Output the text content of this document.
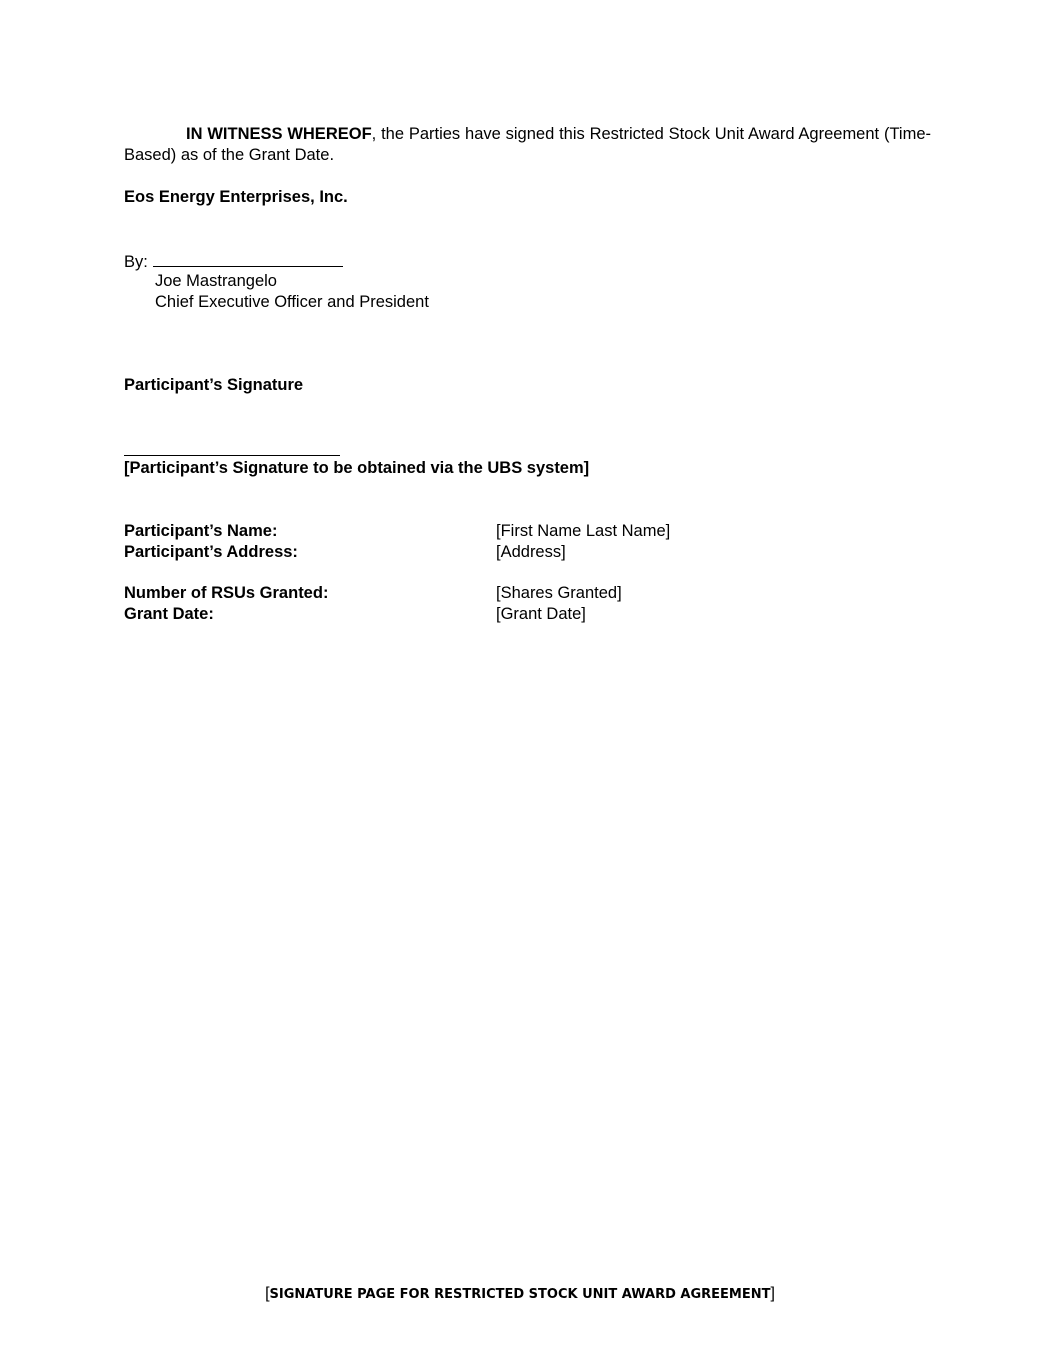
IN WITNESS WHEREOF, the Parties have signed this Restricted Stock Unit Award Agreement (Time-Based) as of the Grant Date.
Eos Energy Enterprises, Inc.
By:
Joe Mastrangelo
Chief Executive Officer and President
Participant’s Signature
[Participant’s Signature to be obtained via the UBS system]
Participant’s Name:	[First Name Last Name]
Participant’s Address:	[Address]
Number of RSUs Granted:	[Shares Granted]
Grant Date:	[Grant Date]
[SIGNATURE PAGE FOR RESTRICTED STOCK UNIT AWARD AGREEMENT]
